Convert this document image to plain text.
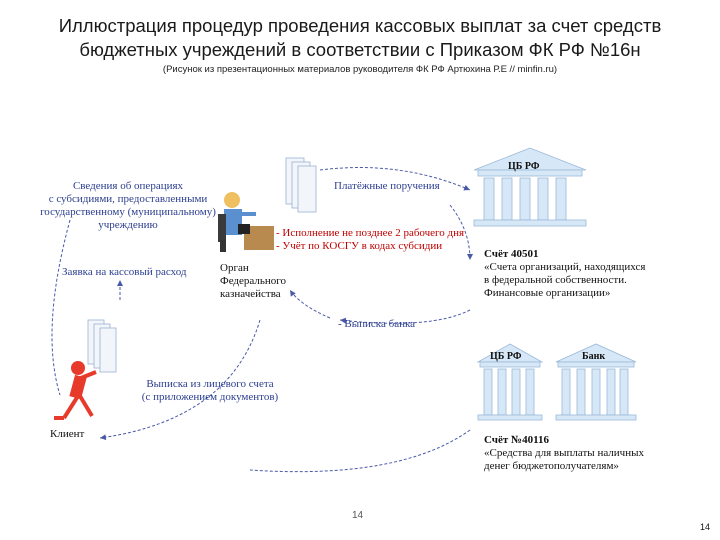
Иллюстрация процедур проведения кассовых выплат за счет средств
бюджетных учреждений в соответствии с Приказом ФК РФ №16н
(Рисунок из презентационных материалов руководителя ФК РФ Артюхина Р.Е // minfin.ru)
Сведения об операциях
с субсидиями, предоставленными
государственному (муниципальному)
учреждению
Заявка на кассовый расход
Платёжные поручения
- Исполнение не позднее 2 рабочего дня
- Учёт по КОСГУ в кодах субсидии
Орган
Федерального
казначейства
- Выписка банка
Выписка из лицевого счета
(с приложением документов)
Клиент
ЦБ РФ
Счёт 40501
«Счета организаций, находящихся
в федеральной собственности.
Финансовые организации»
ЦБ РФ	Банк
Счёт №40116
«Средства для выплаты наличных
денег бюджетополучателям»
14
14
